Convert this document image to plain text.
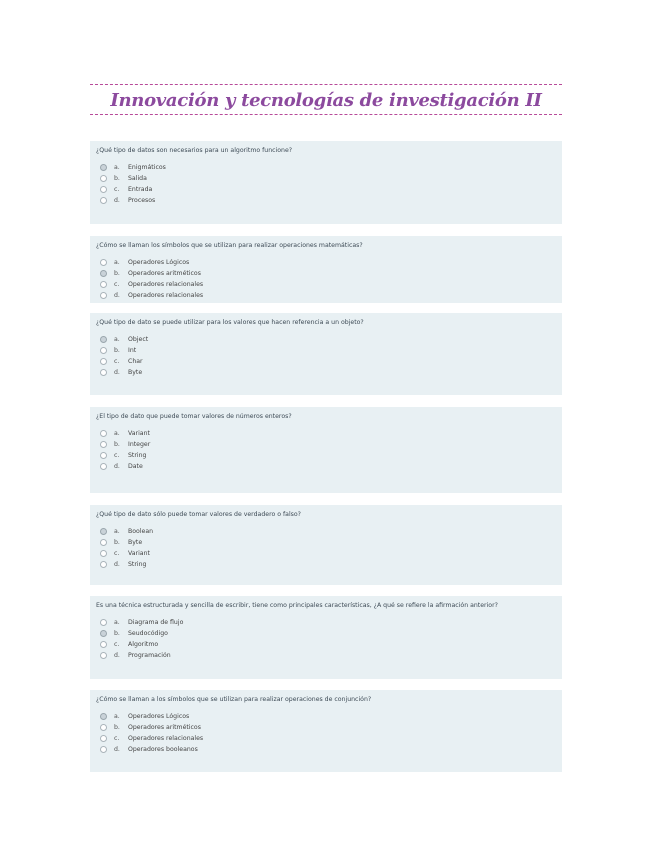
Innovación y tecnologías de investigación II
¿Qué tipo de datos son necesarios para un algoritmo funcione?
a.	Enigmáticos
b.	Salida
c.	Entrada
d.	Procesos
¿Cómo se llaman los símbolos que se utilizan para realizar operaciones matemáticas?
a.	Operadores Lógicos
b.	Operadores aritméticos
c.	Operadores relacionales
d.	Operadores relacionales
¿Qué tipo de dato se puede utilizar para los valores que hacen referencia a un objeto?
a.	Object
b.	Int
c.	Char
d.	Byte
¿El tipo de dato que puede tomar valores de números enteros?
a.	Variant
b.	Integer
c.	String
d.	Date
¿Qué tipo de dato sólo puede tomar valores de verdadero o falso?
a.	Boolean
b.	Byte
c.	Variant
d.	String
Es una técnica estructurada y sencilla de escribir, tiene como principales características, ¿A qué se refiere la afirmación anterior?
a.	Diagrama de flujo
b.	Seudocódigo
c.	Algoritmo
d.	Programación
¿Cómo se llaman a los símbolos que se utilizan para realizar operaciones de conjunción?
a.	Operadores Lógicos
b.	Operadores aritméticos
c.	Operadores relacionales
d.	Operadores booleanos
